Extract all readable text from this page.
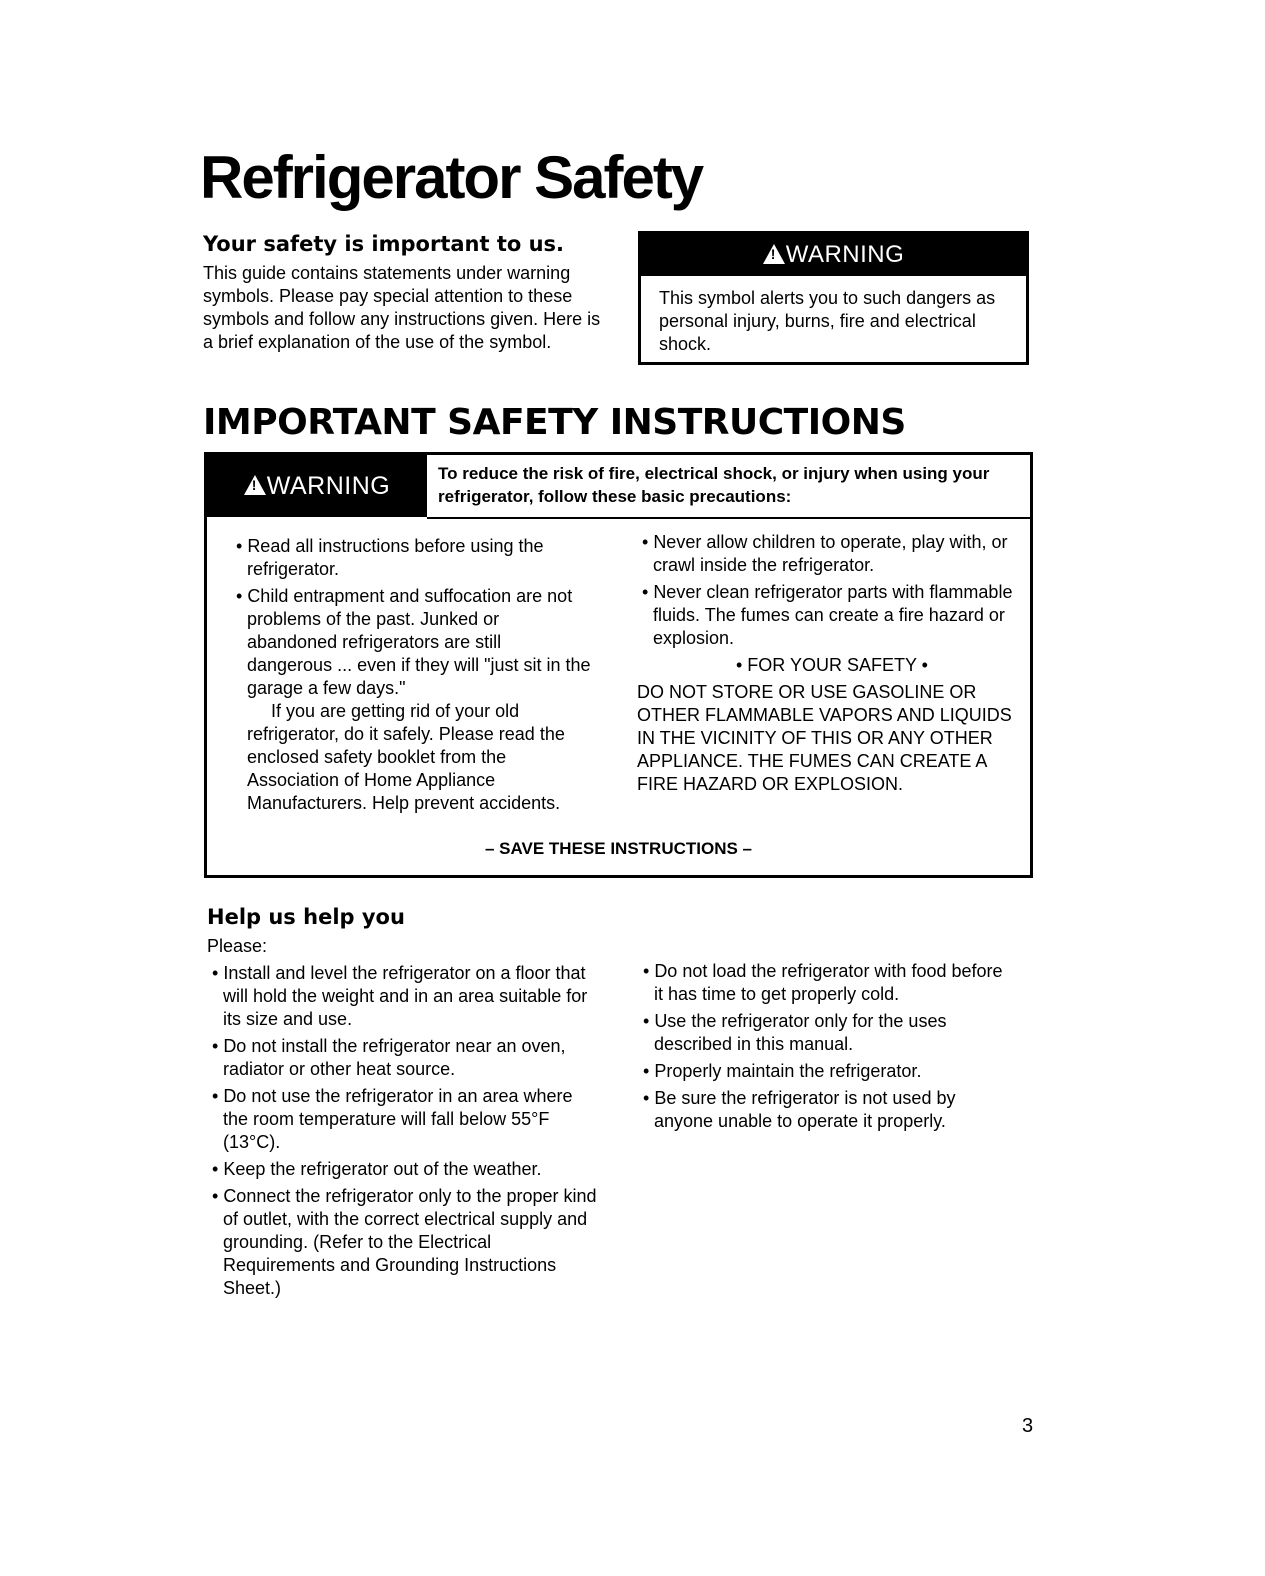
Refrigerator Safety
Your safety is important to us.
This guide contains statements under warning symbols. Please pay special attention to these symbols and follow any instructions given. Here is a brief explanation of the use of the symbol.
!
WARNING
This symbol alerts you to such dangers as personal injury, burns, fire and electrical shock.
IMPORTANT SAFETY INSTRUCTIONS
!
WARNING	To reduce the risk of fire, electrical shock, or injury when using your refrigerator, follow these basic precautions:
• Read all instructions before using the refrigerator.
• Child entrapment and suffocation are not problems of the past. Junked or abandoned refrigerators are still dangerous ... even if they will "just sit in the garage a few days."
If you are getting rid of your old refrigerator, do it safely. Please read the enclosed safety booklet from the Association of Home Appliance Manufacturers. Help prevent accidents.
• Never allow children to operate, play with, or crawl inside the refrigerator.
• Never clean refrigerator parts with flammable fluids. The fumes can create a fire hazard or explosion.
• FOR YOUR SAFETY •
DO NOT STORE OR USE GASOLINE OR OTHER FLAMMABLE VAPORS AND LIQUIDS IN THE VICINITY OF THIS OR ANY OTHER APPLIANCE. THE FUMES CAN CREATE A FIRE HAZARD OR EXPLOSION.
– SAVE THESE INSTRUCTIONS –
Help us help you
Please:
• Install and level the refrigerator on a floor that will hold the weight and in an area suitable for its size and use.
• Do not install the refrigerator near an oven, radiator or other heat source.
• Do not use the refrigerator in an area where the room temperature will fall below 55°F (13°C).
• Keep the refrigerator out of the weather.
• Connect the refrigerator only to the proper kind of outlet, with the correct electrical supply and grounding. (Refer to the Electrical Requirements and Grounding Instructions Sheet.)
• Do not load the refrigerator with food before it has time to get properly cold.
• Use the refrigerator only for the uses described in this manual.
• Properly maintain the refrigerator.
• Be sure the refrigerator is not used by anyone unable to operate it properly.
3
